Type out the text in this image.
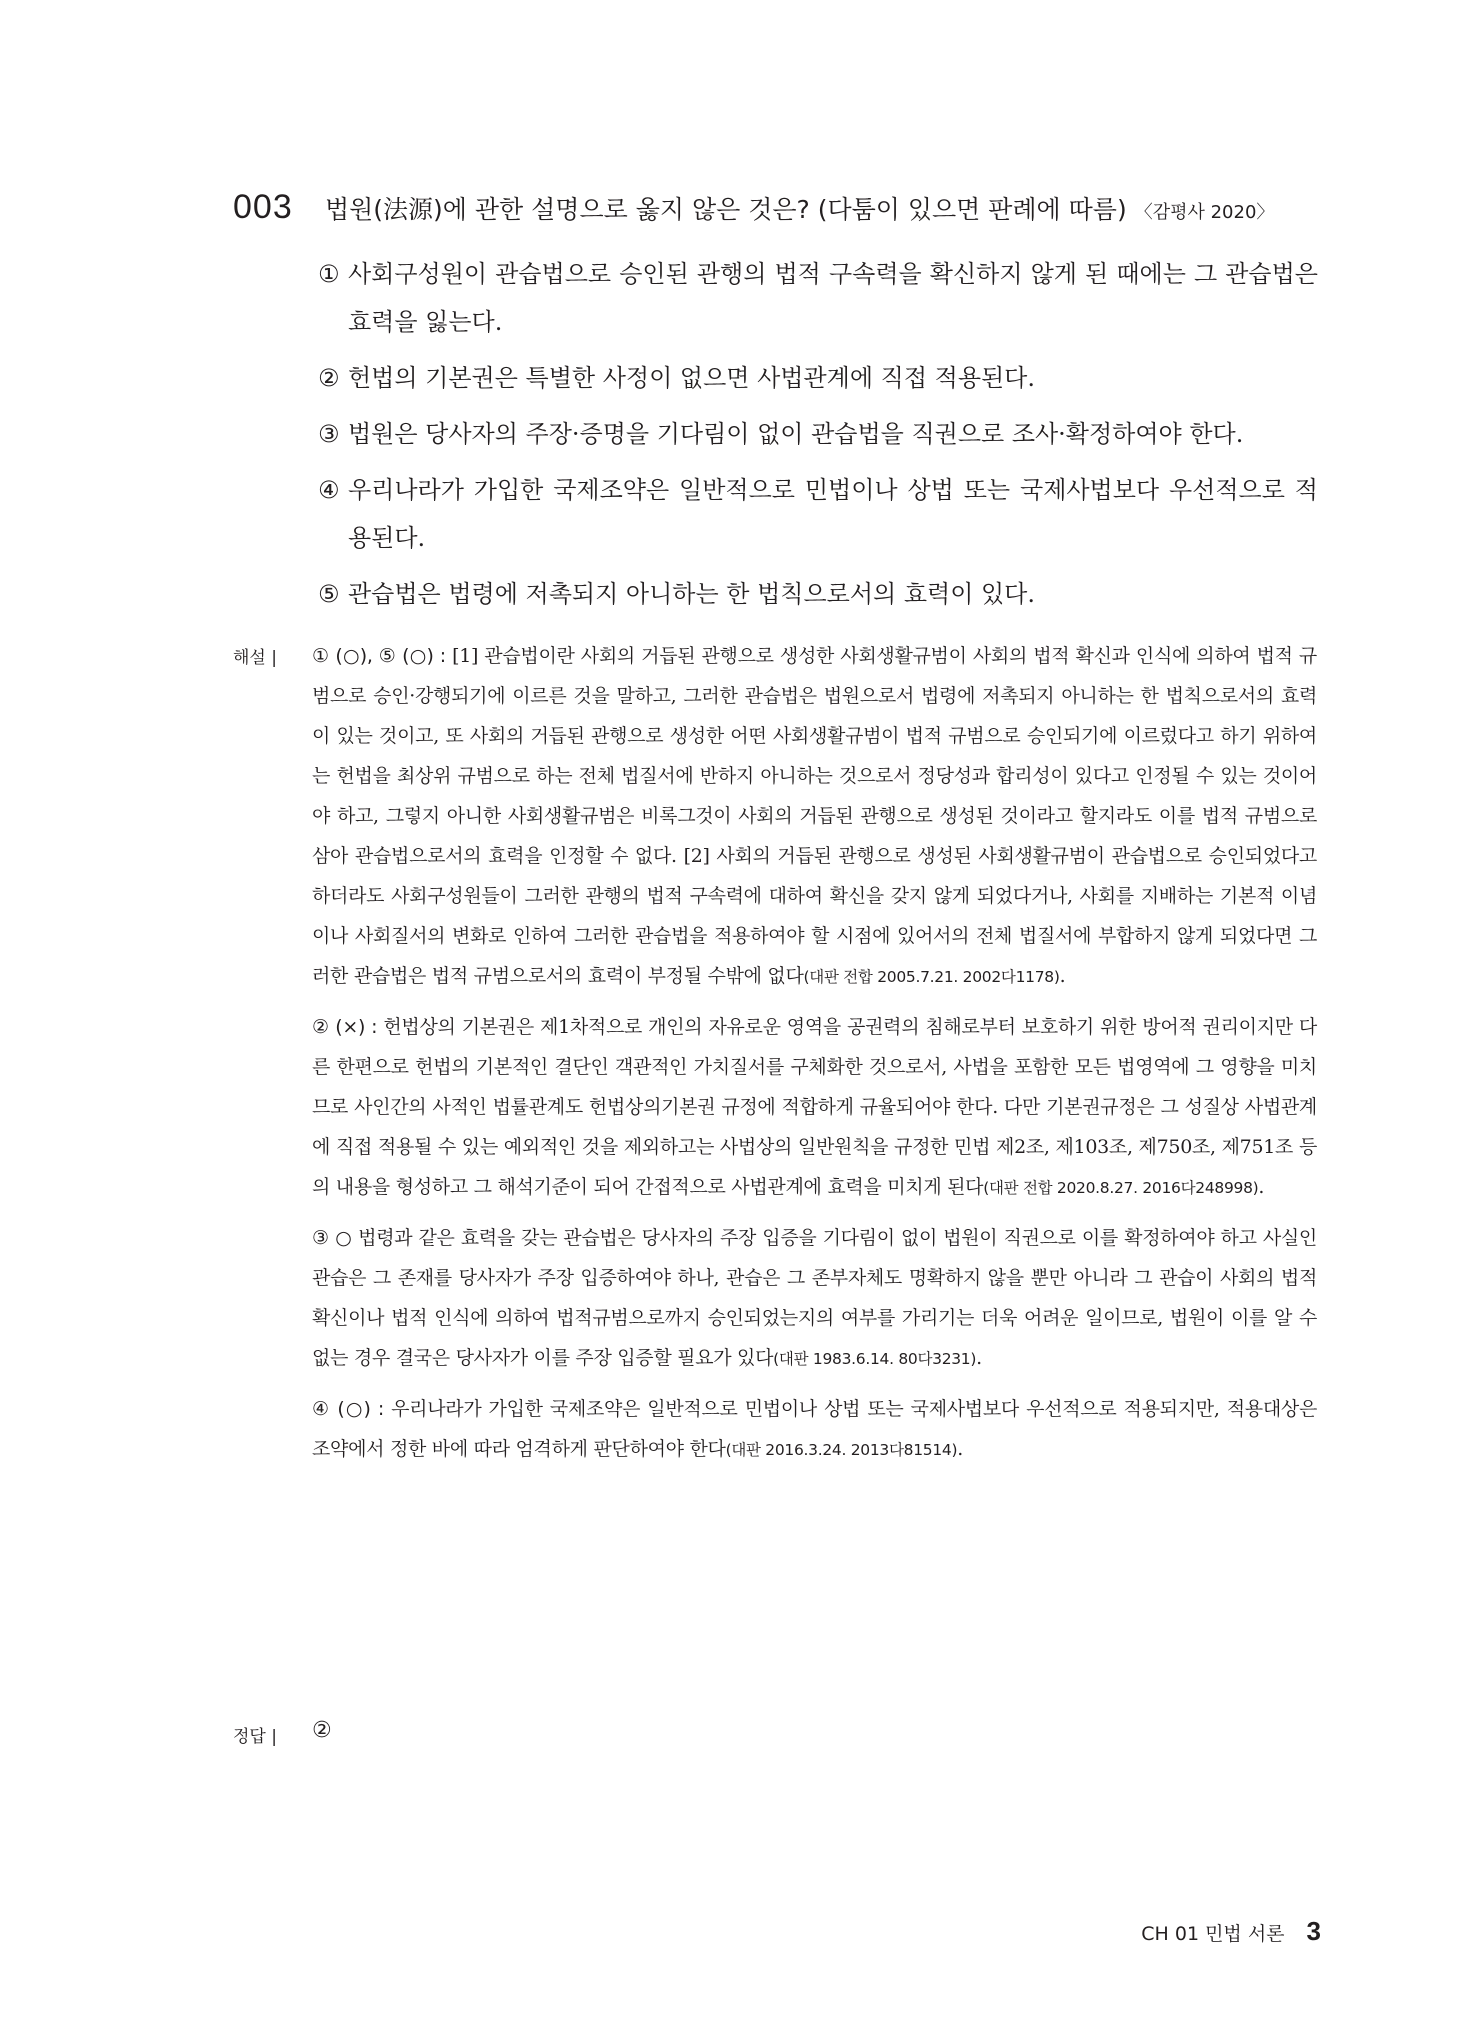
003	법원(法源)에 관한 설명으로 옳지 않은 것은? (다툼이 있으면 판례에 따름) 〈감평사 2020〉
① 사회구성원이 관습법으로 승인된 관행의 법적 구속력을 확신하지 않게 된 때에는 그 관습법은 효력을 잃는다.
② 헌법의 기본권은 특별한 사정이 없으면 사법관계에 직접 적용된다.
③ 법원은 당사자의 주장·증명을 기다림이 없이 관습법을 직권으로 조사·확정하여야 한다.
④ 우리나라가 가입한 국제조약은 일반적으로 민법이나 상법 또는 국제사법보다 우선적으로 적용된다.
⑤ 관습법은 법령에 저촉되지 아니하는 한 법칙으로서의 효력이 있다.
해설 | ① (○), ⑤ (○) : [1] 관습법이란 사회의 거듭된 관행으로 생성한 사회생활규범이 사회의 법적 확신과 인식에 의하여 법적 규범으로 승인·강행되기에 이르른 것을 말하고, 그러한 관습법은 법원으로서 법령에 저촉되지 아니하는 한 법칙으로서의 효력이 있는 것이고, 또 사회의 거듭된 관행으로 생성한 어떤 사회생활규범이 법적 규범으로 승인되기에 이르렀다고 하기 위하여는 헌법을 최상위 규범으로 하는 전체 법질서에 반하지 아니하는 것으로서 정당성과 합리성이 있다고 인정될 수 있는 것이어야 하고, 그렇지 아니한 사회생활규범은 비록그것이 사회의 거듭된 관행으로 생성된 것이라고 할지라도 이를 법적 규범으로 삼아 관습법으로서의 효력을 인정할 수 없다. [2] 사회의 거듭된 관행으로 생성된 사회생활규범이 관습법으로 승인되었다고 하더라도 사회구성원들이 그러한 관행의 법적 구속력에 대하여 확신을 갖지 않게 되었다거나, 사회를 지배하는 기본적 이념이나 사회질서의 변화로 인하여 그러한 관습법을 적용하여야 할 시점에 있어서의 전체 법질서에 부합하지 않게 되었다면 그러한 관습법은 법적 규범으로서의 효력이 부정될 수밖에 없다(대판 전합 2005.7.21. 2002다1178).

② (×) : 헌법상의 기본권은 제1차적으로 개인의 자유로운 영역을 공권력의 침해로부터 보호하기 위한 방어적 권리이지만 다른 한편으로 헌법의 기본적인 결단인 객관적인 가치질서를 구체화한 것으로서, 사법을 포함한 모든 법영역에 그 영향을 미치므로 사인간의 사적인 법률관계도 헌법상의기본권 규정에 적합하게 규율되어야 한다. 다만 기본권규정은 그 성질상 사법관계에 직접 적용될 수 있는 예외적인 것을 제외하고는 사법상의 일반원칙을 규정한 민법 제2조, 제103조, 제750조, 제751조 등의 내용을 형성하고 그 해석기준이 되어 간접적으로 사법관계에 효력을 미치게 된다(대판 전합 2020.8.27. 2016다248998).

③ ○ 법령과 같은 효력을 갖는 관습법은 당사자의 주장 입증을 기다림이 없이 법원이 직권으로 이를 확정하여야 하고 사실인 관습은 그 존재를 당사자가 주장 입증하여야 하나, 관습은 그 존부자체도 명확하지 않을 뿐만 아니라 그 관습이 사회의 법적 확신이나 법적 인식에 의하여 법적규범으로까지 승인되었는지의 여부를 가리기는 더욱 어려운 일이므로, 법원이 이를 알 수 없는 경우 결국은 당사자가 이를 주장 입증할 필요가 있다(대판 1983.6.14. 80다3231).

④ (○) : 우리나라가 가입한 국제조약은 일반적으로 민법이나 상법 또는 국제사법보다 우선적으로 적용되지만, 적용대상은 조약에서 정한 바에 따라 엄격하게 판단하여야 한다(대판 2016.3.24. 2013다81514).

정답 | ②
CH 01 민법 서론 3
